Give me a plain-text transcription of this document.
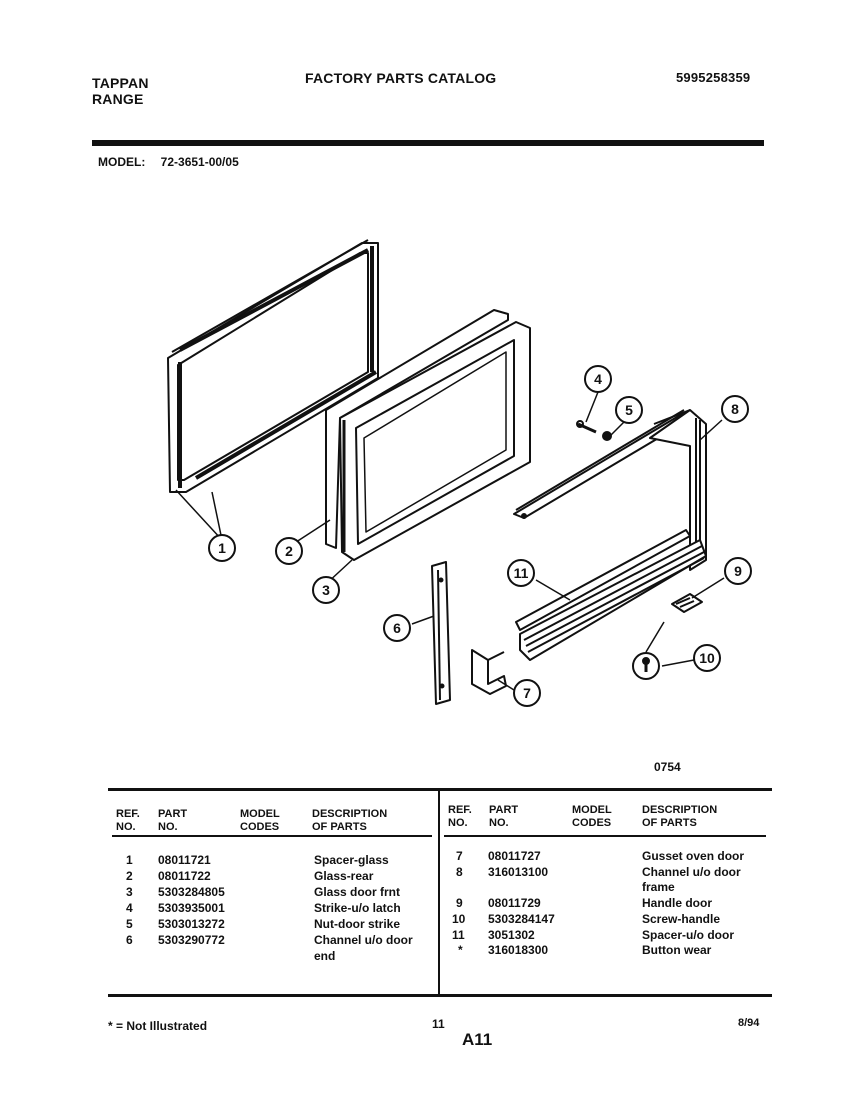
TAPPAN
RANGE
FACTORY PARTS CATALOG	5995258359
MODEL: 72-3651-00/05
1	2
3
4
5
6
7
8
9
10
11
0754
REF.
NO.
PART
NO.
MODEL
CODES
DESCRIPTION
OF PARTS
REF.
NO.
PART
NO.
MODEL
CODES
DESCRIPTION
OF PARTS
1 08011721	Spacer-glass
2 08011722	Glass-rear
3 5303284805	Glass door frnt
4 5303935001	Strike-u/o latch
5 5303013272	Nut-door strike
6 5303290772	Channel u/o door
end
7 08011727	Gusset oven door
8 316013100	Channel u/o door
frame
9 08011729	Handle door
10 5303284147	Screw-handle
11 3051302	Spacer-u/o door
* 316018300	Button wear
* = Not Illustrated	11
A11
8/94
